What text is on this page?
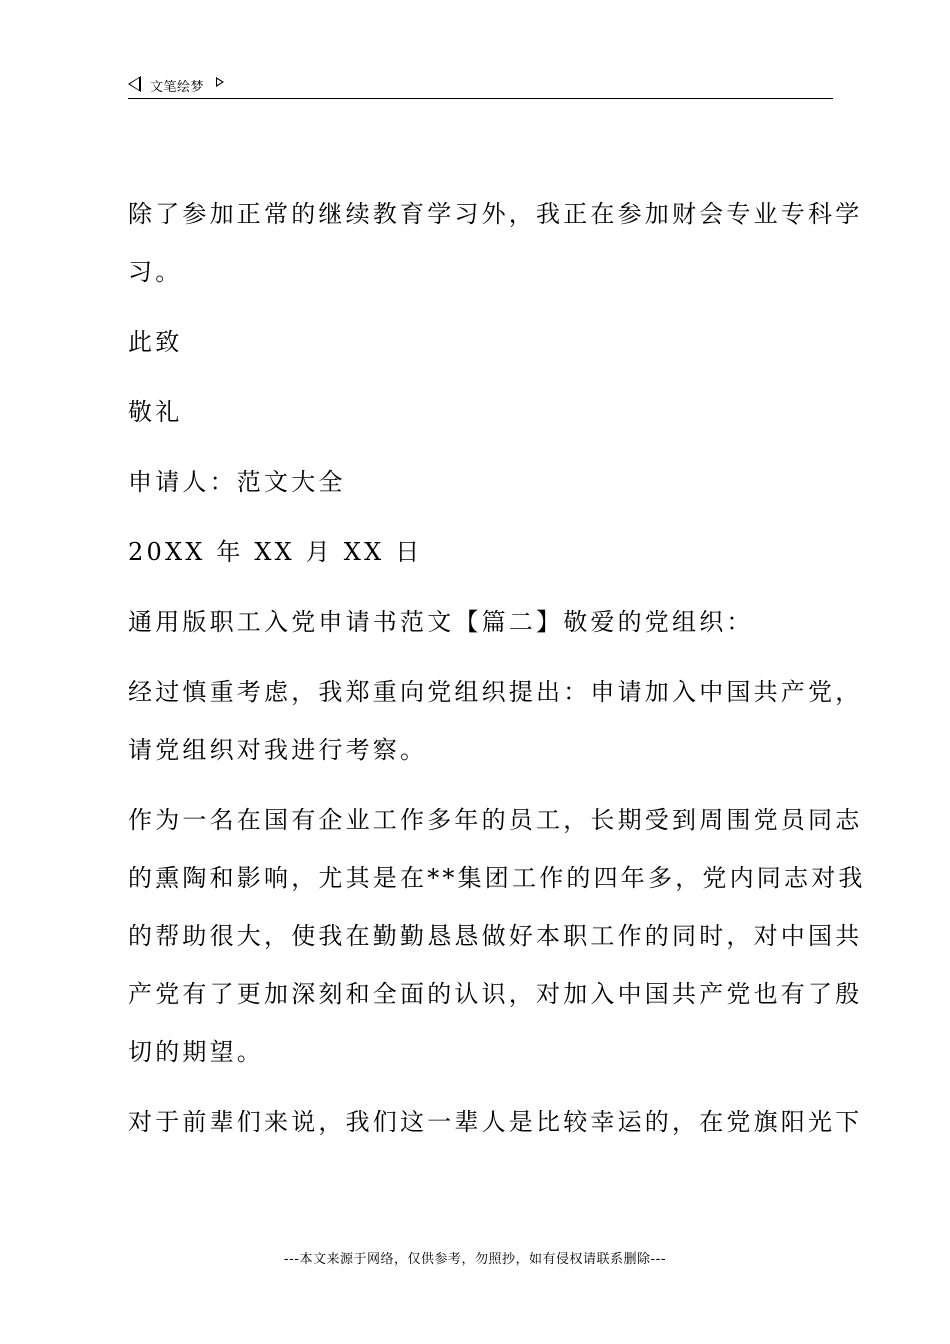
文笔绘梦

除了参加正常的继续教育学习外，我正在参加财会专业专科学
习。

此致

敬礼

申请人：范文大全

20XX 年 XX 月 XX 日

通用版职工入党申请书范文【篇二】敬爱的党组织：

经过慎重考虑，我郑重向党组织提出：申请加入中国共产党，
请党组织对我进行考察。

作为一名在国有企业工作多年的员工，长期受到周围党员同志
的熏陶和影响，尤其是在**集团工作的四年多，党内同志对我
的帮助很大，使我在勤勤恳恳做好本职工作的同时，对中国共
产党有了更加深刻和全面的认识，对加入中国共产党也有了殷
切的期望。

对于前辈们来说，我们这一辈人是比较幸运的，在党旗阳光下

---本文来源于网络，仅供参考，勿照抄，如有侵权请联系删除---
